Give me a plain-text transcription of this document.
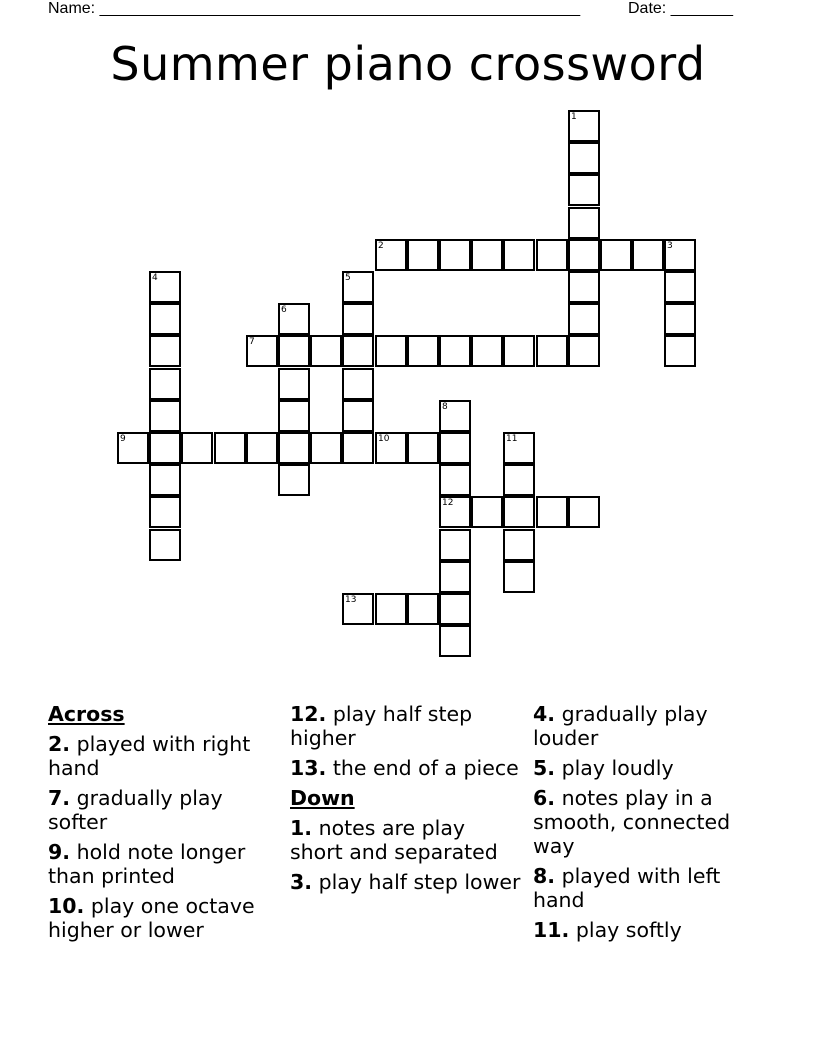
Name: ______________________________________________________	Date: _______
Summer piano crossword
1
2	3
4	5
6
7
8
12
9	10	11
13
Across
2. played with right hand
7. gradually play softer
9. hold note longer than printed
10. play one octave higher or lower
12. play half step higher
13. the end of a piece
Down
1. notes are play short and separated
3. play half step lower
4. gradually play louder
5. play loudly
6. notes play in a smooth, connected way
8. played with left hand
11. play softly
